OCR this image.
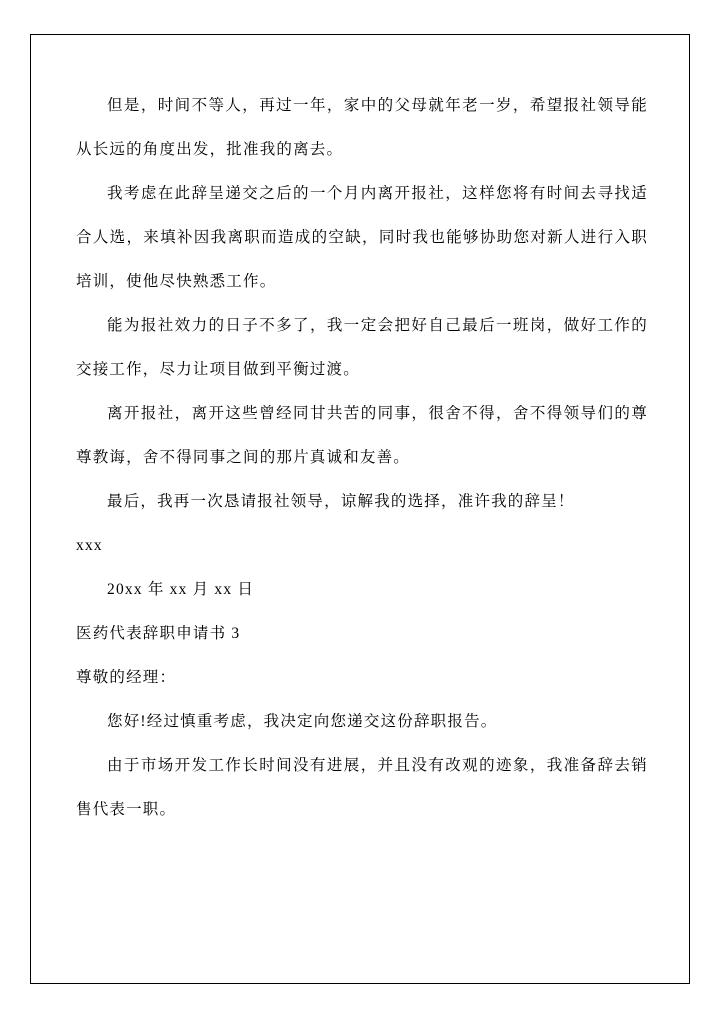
但是，时间不等人，再过一年，家中的父母就年老一岁，希望报社领导能从长远的角度出发，批准我的离去。

我考虑在此辞呈递交之后的一个月内离开报社，这样您将有时间去寻找适合人选，来填补因我离职而造成的空缺，同时我也能够协助您对新人进行入职培训，使他尽快熟悉工作。

能为报社效力的日子不多了，我一定会把好自己最后一班岗，做好工作的交接工作，尽力让项目做到平衡过渡。

离开报社，离开这些曾经同甘共苦的同事，很舍不得，舍不得领导们的尊尊教诲，舍不得同事之间的那片真诚和友善。

最后，我再一次恳请报社领导，谅解我的选择，准许我的辞呈！

xxx

20xx 年 xx 月 xx 日

医药代表辞职申请书 3

尊敬的经理：

您好!经过慎重考虑，我决定向您递交这份辞职报告。

由于市场开发工作长时间没有进展，并且没有改观的迹象，我准备辞去销售代表一职。
